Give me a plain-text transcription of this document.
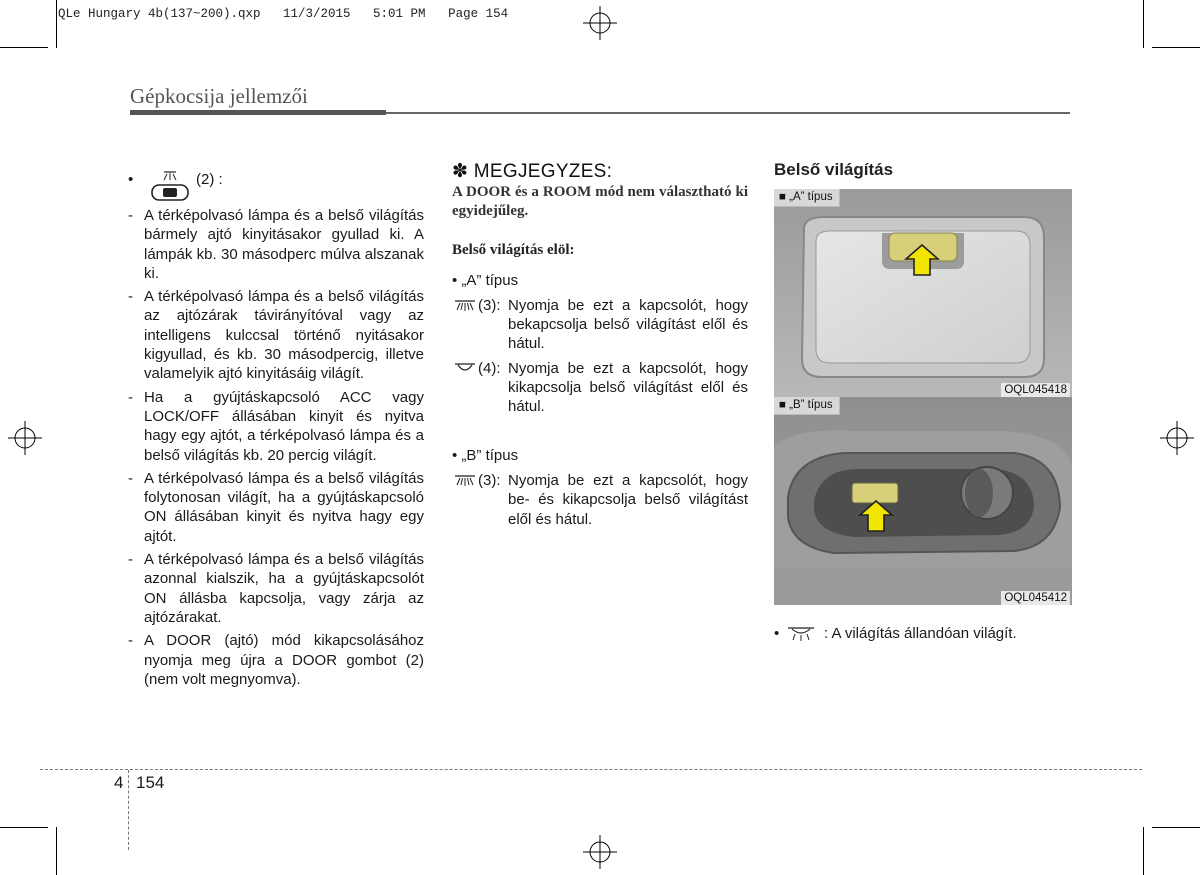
QLe Hungary 4b(137~200).qxp   11/3/2015   5:01 PM   Page 154
Gépkocsija jellemzői
•	(2) :
- A térképolvasó lámpa és a belső világítás bármely ajtó kinyitásakor gyullad ki. A lámpák kb. 30 másodperc múlva alszanak ki.
- A térképolvasó lámpa és a belső világítás az ajtózárak távirányítóval vagy az intelligens kulccsal történő nyitásakor kigyullad, és kb. 30 másodpercig, illetve valamelyik ajtó kinyitásáig világít.
- Ha a gyújtáskapcsoló ACC vagy LOCK/OFF állásában kinyit és nyitva hagy egy ajtót, a térképolvasó lámpa és a belső világítás kb. 20 percig világít.
- A térképolvasó lámpa és a belső világítás folytonosan világít, ha a gyújtáskapcsoló ON állásában kinyit és nyitva hagy egy ajtót.
- A térképolvasó lámpa és a belső világítás azonnal kialszik, ha a gyújtáskapcsolót ON állásba kapcsolja, vagy zárja az ajtózárakat.
- A DOOR (ajtó) mód kikapcsolásához nyomja meg újra a DOOR gombot (2) (nem volt megnyomva).
✽ MEGJEGYZES:
A DOOR és a ROOM mód nem választható ki egyidejűleg.
Belső világítás elöl:
• „A” típus
(3): Nyomja be ezt a kapcsolót, hogy bekapcsolja belső világítást elől és hátul.
(4): Nyomja be ezt a kapcsolót, hogy kikapcsolja belső világítást elől és hátul.
• „B” típus
(3): Nyomja be ezt a kapcsolót, hogy be- és kikapcsolja belső világítást elől és hátul.
Belső világítás
■ „A” típus
OQL045418
■ „B” típus
OQL045412
•	: A világítás állandóan világít.
4 154
